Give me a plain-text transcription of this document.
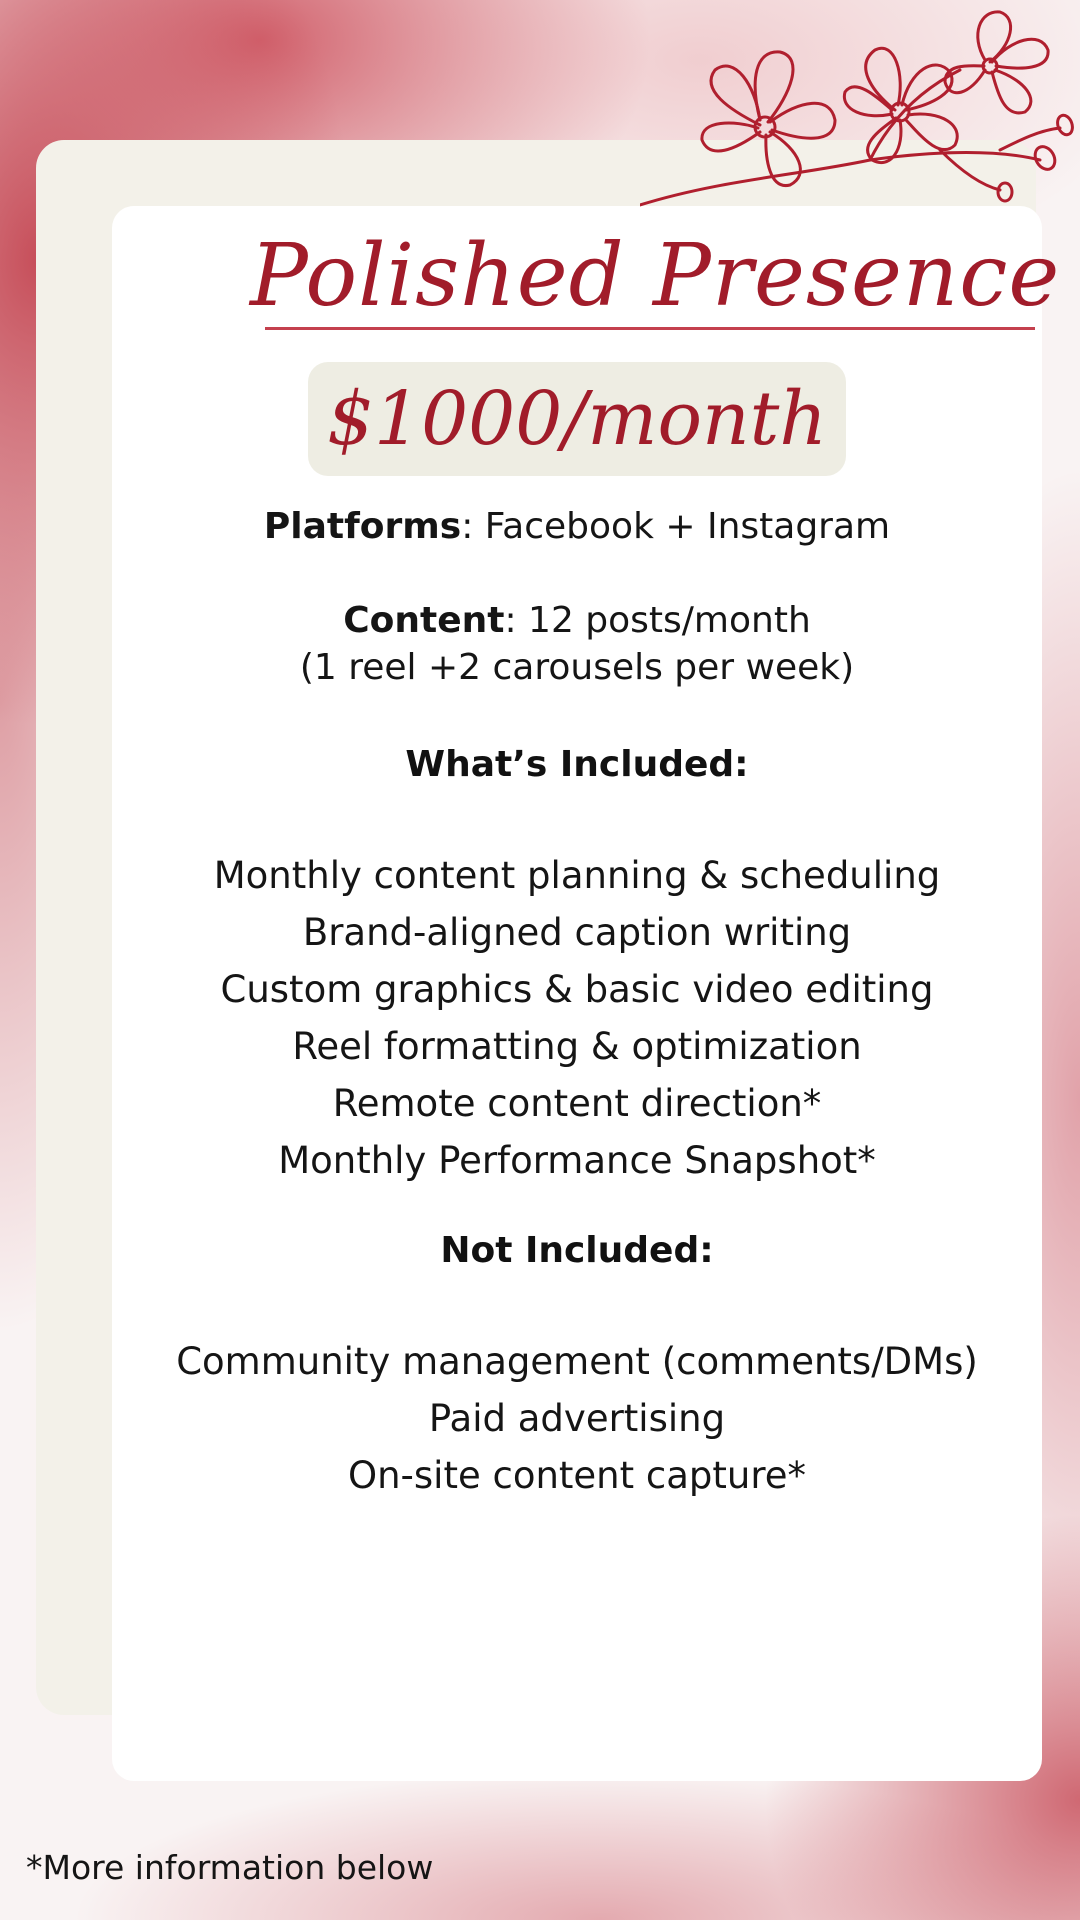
Polished Presence
$1000/month
Platforms: Facebook + Instagram
Content: 12 posts/month
(1 reel +2 carousels per week)
What’s Included:
Monthly content planning & scheduling
Brand-aligned caption writing
Custom graphics & basic video editing
Reel formatting & optimization
Remote content direction*
Monthly Performance Snapshot*
Not Included:
Community management (comments/DMs)
Paid advertising
On-site content capture*
*More information below
